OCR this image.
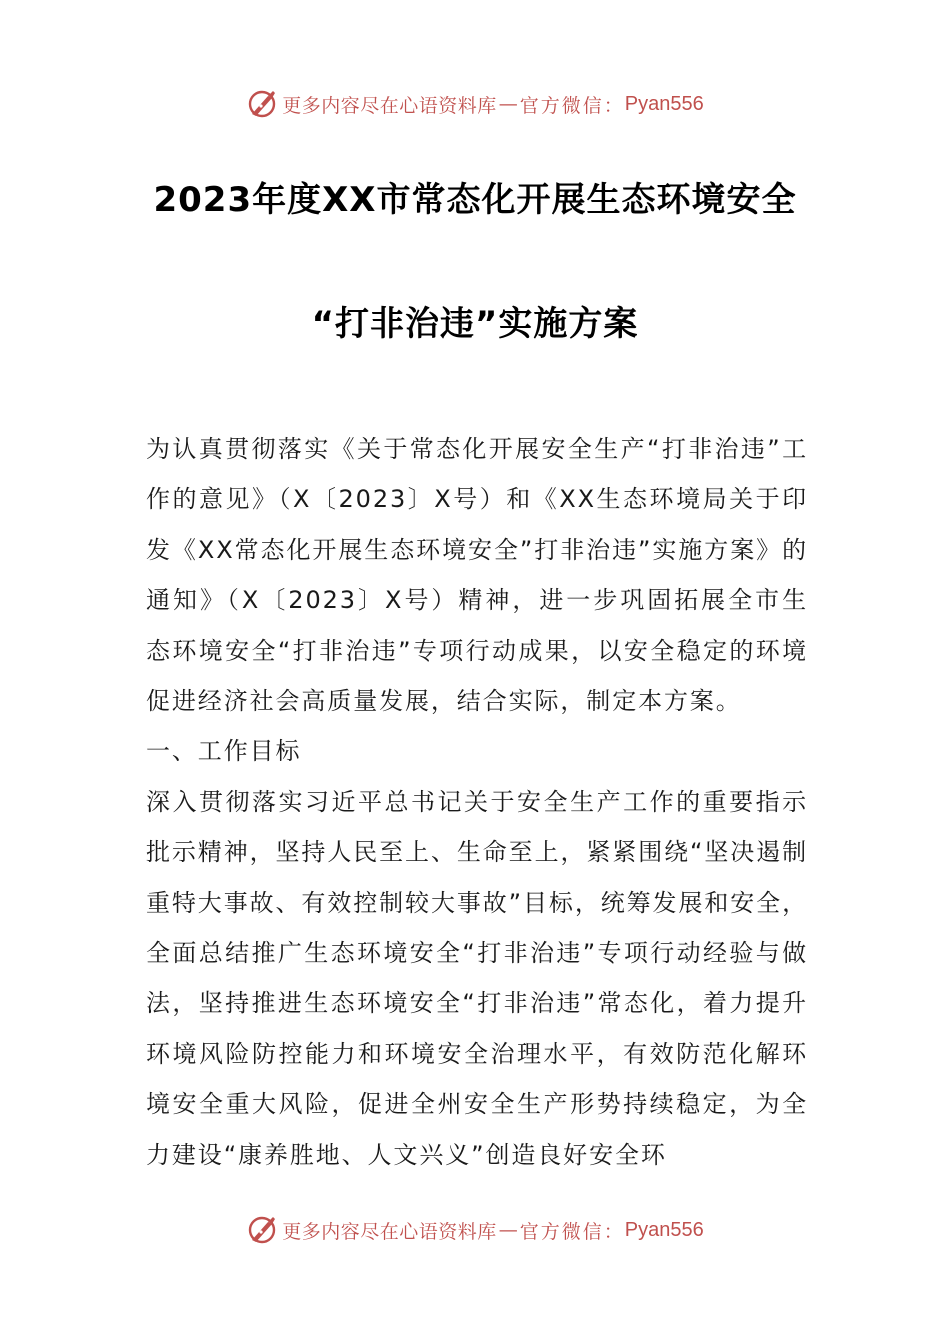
更多内容尽在心语资料库 — 官方微信： Pyan556
2023年度XX市常态化开展生态环境安全
“打非治违”实施方案

为认真贯彻落实《关于常态化开展安全生产“打非治违”工作的意见》（X〔2023〕X号）和《XX生态环境局关于印发《XX常态化开展生态环境安全”打非治违”实施方案》的通知》（X〔2023〕X号）精神，进一步巩固拓展全市生态环境安全“打非治违”专项行动成果，以安全稳定的环境促进经济社会高质量发展，结合实际，制定本方案。

一、工作目标

深入贯彻落实习近平总书记关于安全生产工作的重要指示批示精神，坚持人民至上、生命至上，紧紧围绕“坚决遏制重特大事故、有效控制较大事故”目标，统筹发展和安全，全面总结推广生态环境安全“打非治违”专项行动经验与做法，坚持推进生态环境安全“打非治违”常态化，着力提升环境风险防控能力和环境安全治理水平，有效防范化解环境安全重大风险，促进全州安全生产形势持续稳定，为全力建设“康养胜地、人文兴义”创造良好安全环

更多内容尽在心语资料库 — 官方微信： Pyan556
